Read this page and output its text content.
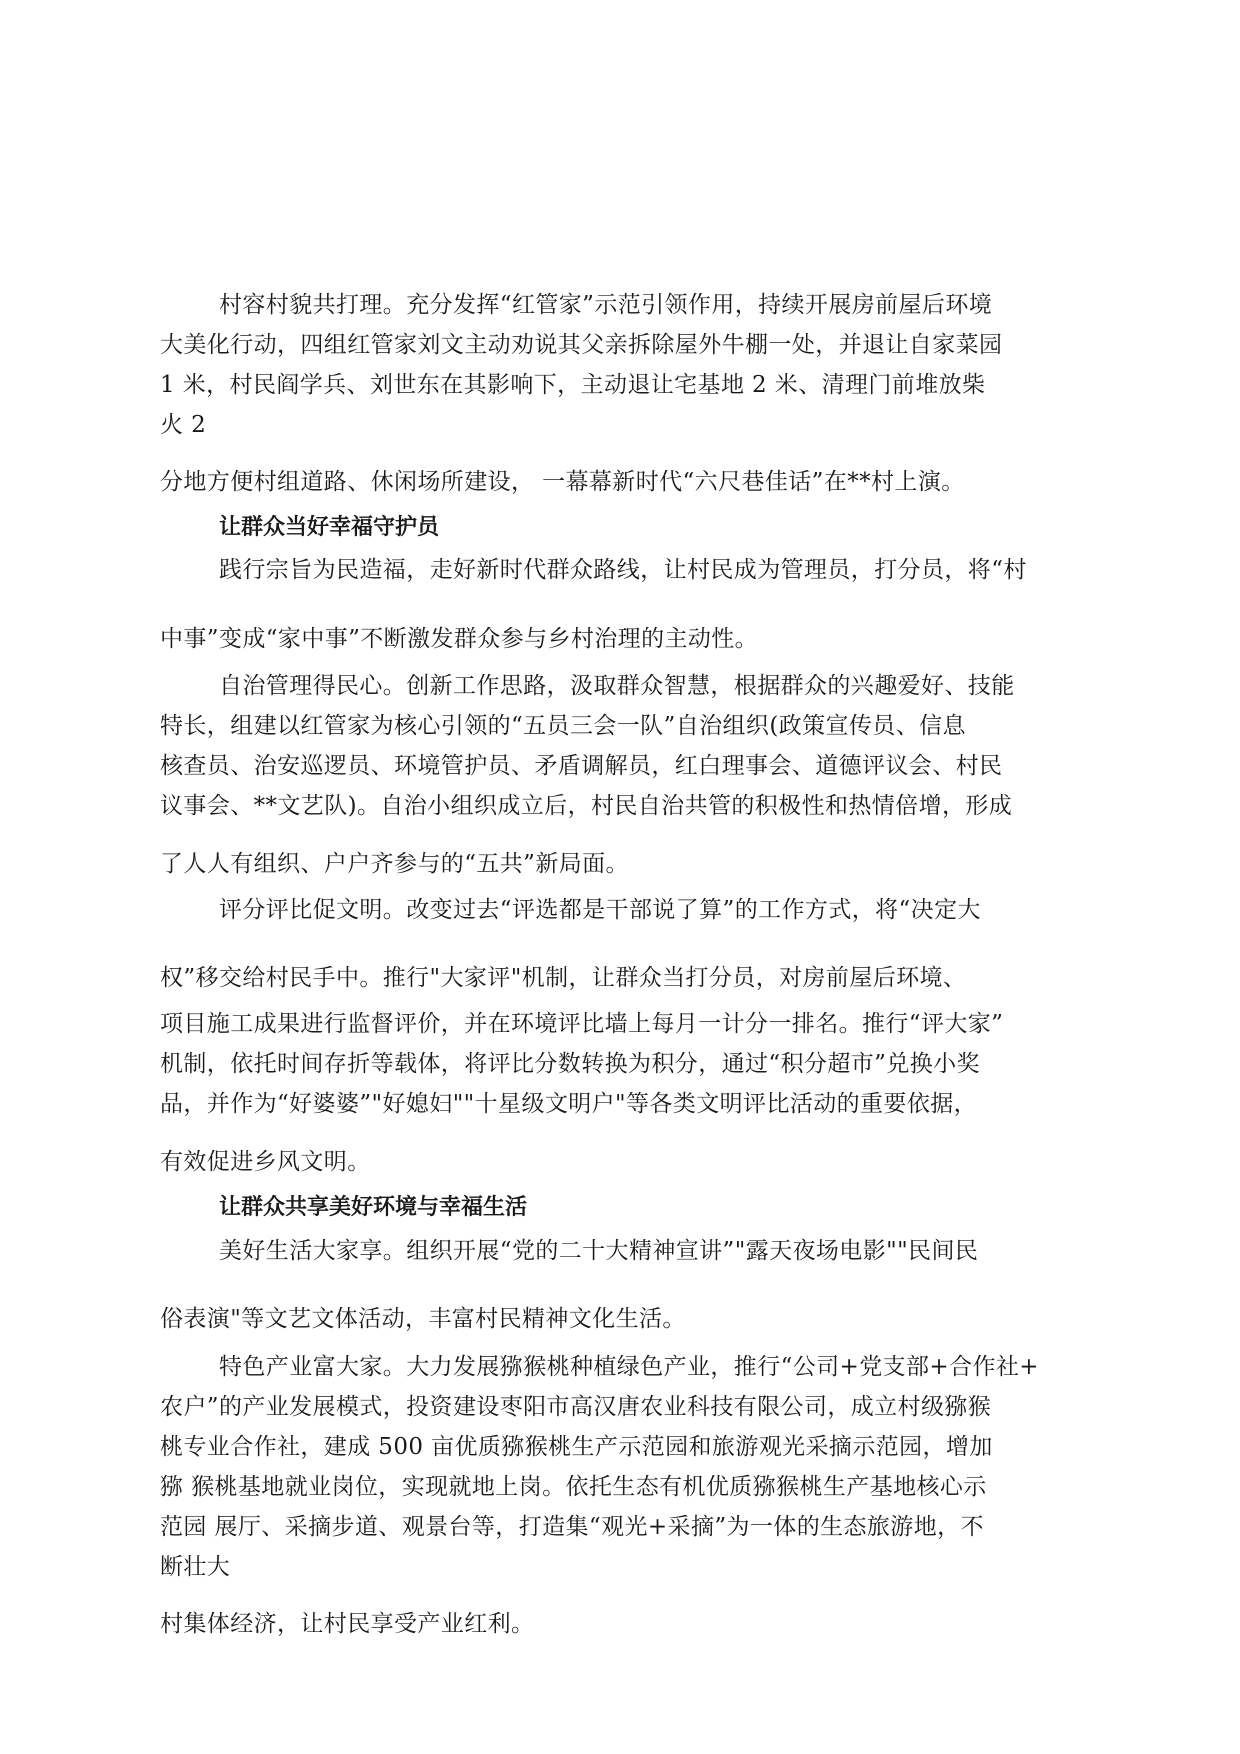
村容村貌共打理。充分发挥“红管家”示范引领作用，持续开展房前屋后环境
大美化行动，四组红管家刘文主动劝说其父亲拆除屋外牛棚一处，并退让自家菜园
1 米，村民阎学兵、刘世东在其影响下，主动退让宅基地 2 米、清理门前堆放柴
火 2
分地方便村组道路、休闲场所建设， 一幕幕新时代“六尺巷佳话”在**村上演。
让群众当好幸福守护员
践行宗旨为民造福，走好新时代群众路线，让村民成为管理员，打分员，将“村
中事”变成“家中事”不断激发群众参与乡村治理的主动性。
自治管理得民心。创新工作思路，汲取群众智慧，根据群众的兴趣爱好、技能
特长，组建以红管家为核心引领的“五员三会一队”自治组织(政策宣传员、信息
核查员、治安巡逻员、环境管护员、矛盾调解员，红白理事会、道德评议会、村民
议事会、**文艺队)。自治小组织成立后，村民自治共管的积极性和热情倍增，形成
了人人有组织、户户齐参与的“五共”新局面。
评分评比促文明。改变过去“评选都是干部说了算”的工作方式，将“决定大
权”移交给村民手中。推行"大家评"机制，让群众当打分员，对房前屋后环境、
项目施工成果进行监督评价，并在环境评比墙上每月一计分一排名。推行“评大家”
机制，依托时间存折等载体，将评比分数转换为积分，通过“积分超市”兑换小奖
品，并作为“好婆婆”"好媳妇""十星级文明户"等各类文明评比活动的重要依据，
有效促进乡风文明。
让群众共享美好环境与幸福生活
美好生活大家享。组织开展“党的二十大精神宣讲”"露天夜场电影""民间民
俗表演"等文艺文体活动，丰富村民精神文化生活。
特色产业富大家。大力发展猕猴桃种植绿色产业，推行“公司+党支部+合作社+
农户”的产业发展模式，投资建设枣阳市高汉唐农业科技有限公司，成立村级猕猴
桃专业合作社，建成 500 亩优质猕猴桃生产示范园和旅游观光采摘示范园，增加
猕 猴桃基地就业岗位，实现就地上岗。依托生态有机优质猕猴桃生产基地核心示
范园 展厅、采摘步道、观景台等，打造集“观光+采摘”为一体的生态旅游地，不
断壮大
村集体经济，让村民享受产业红利。
